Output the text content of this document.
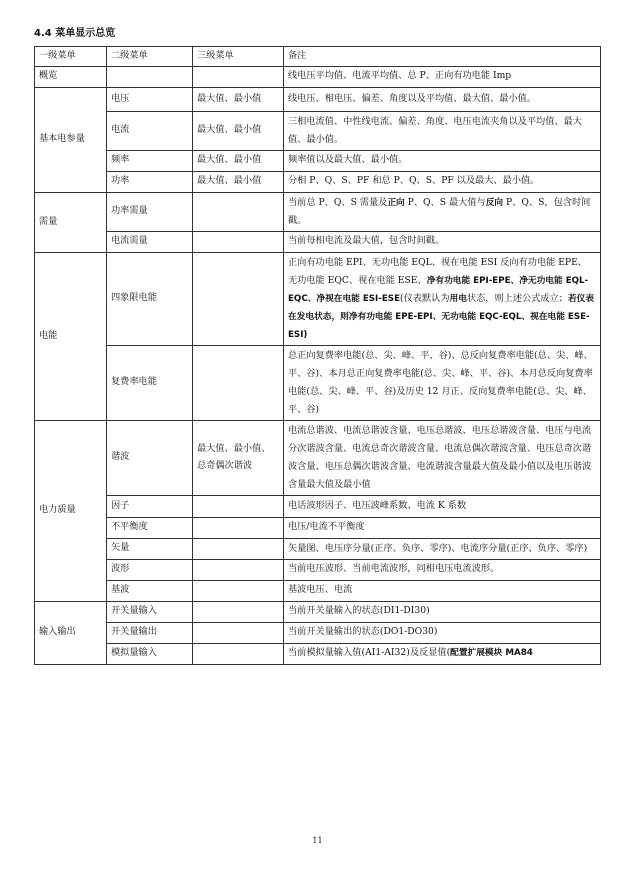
4.4 菜单显示总览
一级菜单	二级菜单	三级菜单	备注
概览			线电压平均值、电流平均值、总 P、正向有功电能 Imp
基本电参量	电压	最大值、最小值	线电压、相电压、偏差、角度以及平均值、最大值、最小值。
	电流	最大值、最小值	三相电流值、中性线电流、偏差、角度、电压电流夹角以及平均值、最大值、最小值。
	频率	最大值、最小值	频率值以及最大值、最小值。
	功率	最大值、最小值	分相 P、Q、S、PF 和总 P、Q、S、PF 以及最大、最小值。
需量	功率需量		当前总 P、Q、S 需量及正向 P、Q、S 最大值与反向 P、Q、S，包含时间戳。
	电流需量		当前每相电流及最大值，包含时间戳。
电能	四象限电能		正向有功电能 EPI、无功电能 EQL、视在电能 ESI 反向有功电能 EPE、无功电能 EQC、视在电能 ESE、净有功电能 EPI-EPE、净无功电能 EQL-EQC、净视在电能 ESI-ESE(仪表默认为用电状态，则上述公式成立；若仪表在发电状态，则净有功电能 EPE-EPI、无功电能 EQC-EQL、视在电能 ESE-ESI)
	复费率电能		总正向复费率电能(总、尖、峰、平、谷)、总反向复费率电能(总、尖、峰、平、谷)、本月总正向复费率电能(总、尖、峰、平、谷)、本月总反向复费率电能(总、尖、峰、平、谷)及历史 12 月正、反向复费率电能(总、尖、峰、平、谷)
电力质量	谐波	最大值、最小值、总奇偶次谐波	电流总谐波、电流总谐波含量、电压总谐波、电压总谐波含量、电压与电流分次谐波含量、电流总奇次谐波含量、电流总偶次谐波含量、电压总奇次谐波含量、电压总偶次谐波含量、电流谐波含量最大值及最小值以及电压谐波含量最大值及最小值
	因子		电话波形因子、电压波峰系数、电流 K 系数
	不平衡度		电压/电流不平衡度
	矢量		矢量图、电压序分量(正序、负序、零序)、电流序分量(正序、负序、零序)
	波形		当前电压波形、当前电流波形，同相电压电流波形。
	基波		基波电压、电流
输入输出	开关量输入		当前开关量输入的状态(DI1-DI30)
	开关量输出		当前开关量输出的状态(DO1-DO30)
	模拟量输入		当前模拟量输入值(AI1-AI32)及反显值(配置扩展模块 MA84
11
